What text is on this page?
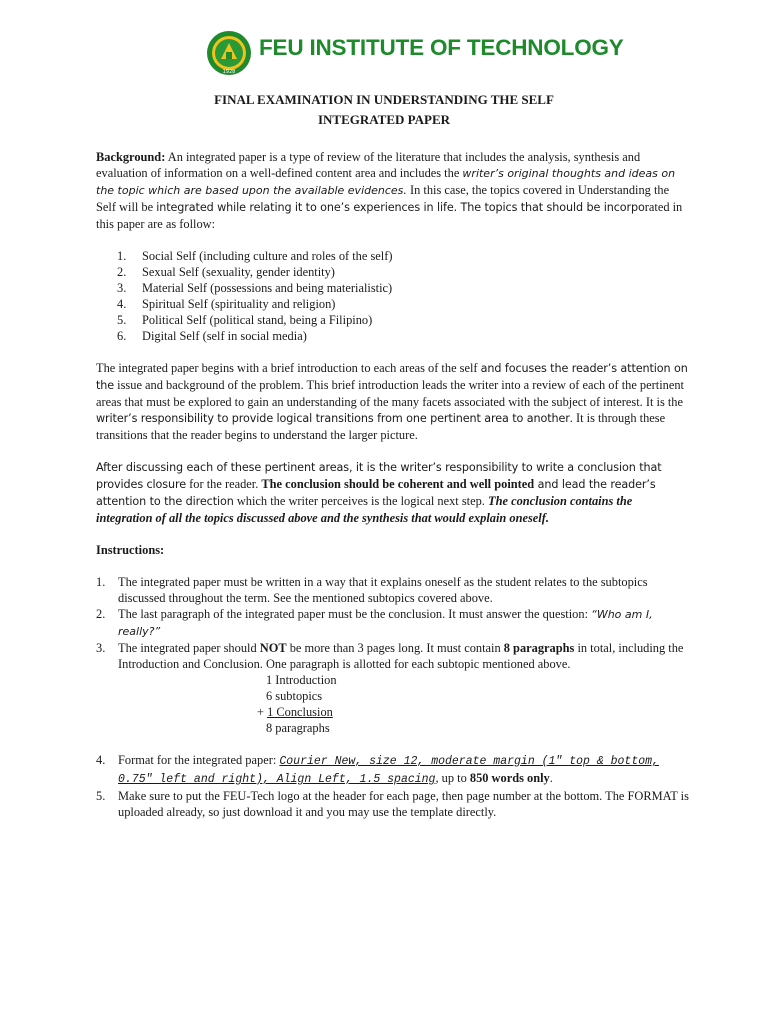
1928
FEU INSTITUTE OF TECHNOLOGY
FINAL EXAMINATION IN UNDERSTANDING THE SELF
INTEGRATED PAPER

Background: An integrated paper is a type of review of the literature that includes the analysis, synthesis and evaluation of information on a well-defined content area and includes the writer’s original thoughts and ideas on the topic which are based upon the available evidences. In this case, the topics covered in Understanding the Self will be integrated while relating it to one’s experiences in life. The topics that should be incorporated in this paper are as follow:

1. Social Self (including culture and roles of the self)
2. Sexual Self (sexuality, gender identity)
3. Material Self (possessions and being materialistic)
4. Spiritual Self (spirituality and religion)
5. Political Self (political stand, being a Filipino)
6. Digital Self (self in social media)

The integrated paper begins with a brief introduction to each areas of the self and focuses the reader’s attention on the issue and background of the problem. This brief introduction leads the writer into a review of each of the pertinent areas that must be explored to gain an understanding of the many facets associated with the subject of interest. It is the writer’s responsibility to provide logical transitions from one pertinent area to another. It is through these transitions that the reader begins to understand the larger picture.

After discussing each of these pertinent areas, it is the writer’s responsibility to write a conclusion that provides closure for the reader. The conclusion should be coherent and well pointed and lead the reader’s attention to the direction which the writer perceives is the logical next step. The conclusion contains the integration of all the topics discussed above and the synthesis that would explain oneself.

Instructions:
1. The integrated paper must be written in a way that it explains oneself as the student relates to the subtopics discussed throughout the term. See the mentioned subtopics covered above.
2. The last paragraph of the integrated paper must be the conclusion. It must answer the question: “Who am I, really?”
3. The integrated paper should NOT be more than 3 pages long. It must contain 8 paragraphs in total, including the Introduction and Conclusion. One paragraph is allotted for each subtopic mentioned above.
1 Introduction
6 subtopics
+ 1 Conclusion
8 paragraphs
4. Format for the integrated paper: Courier New, size 12, moderate margin (1" top & bottom, 0.75" left and right), Align Left, 1.5 spacing, up to 850 words only.
5. Make sure to put the FEU-Tech logo at the header for each page, then page number at the bottom. The FORMAT is uploaded already, so just download it and you may use the template directly.
